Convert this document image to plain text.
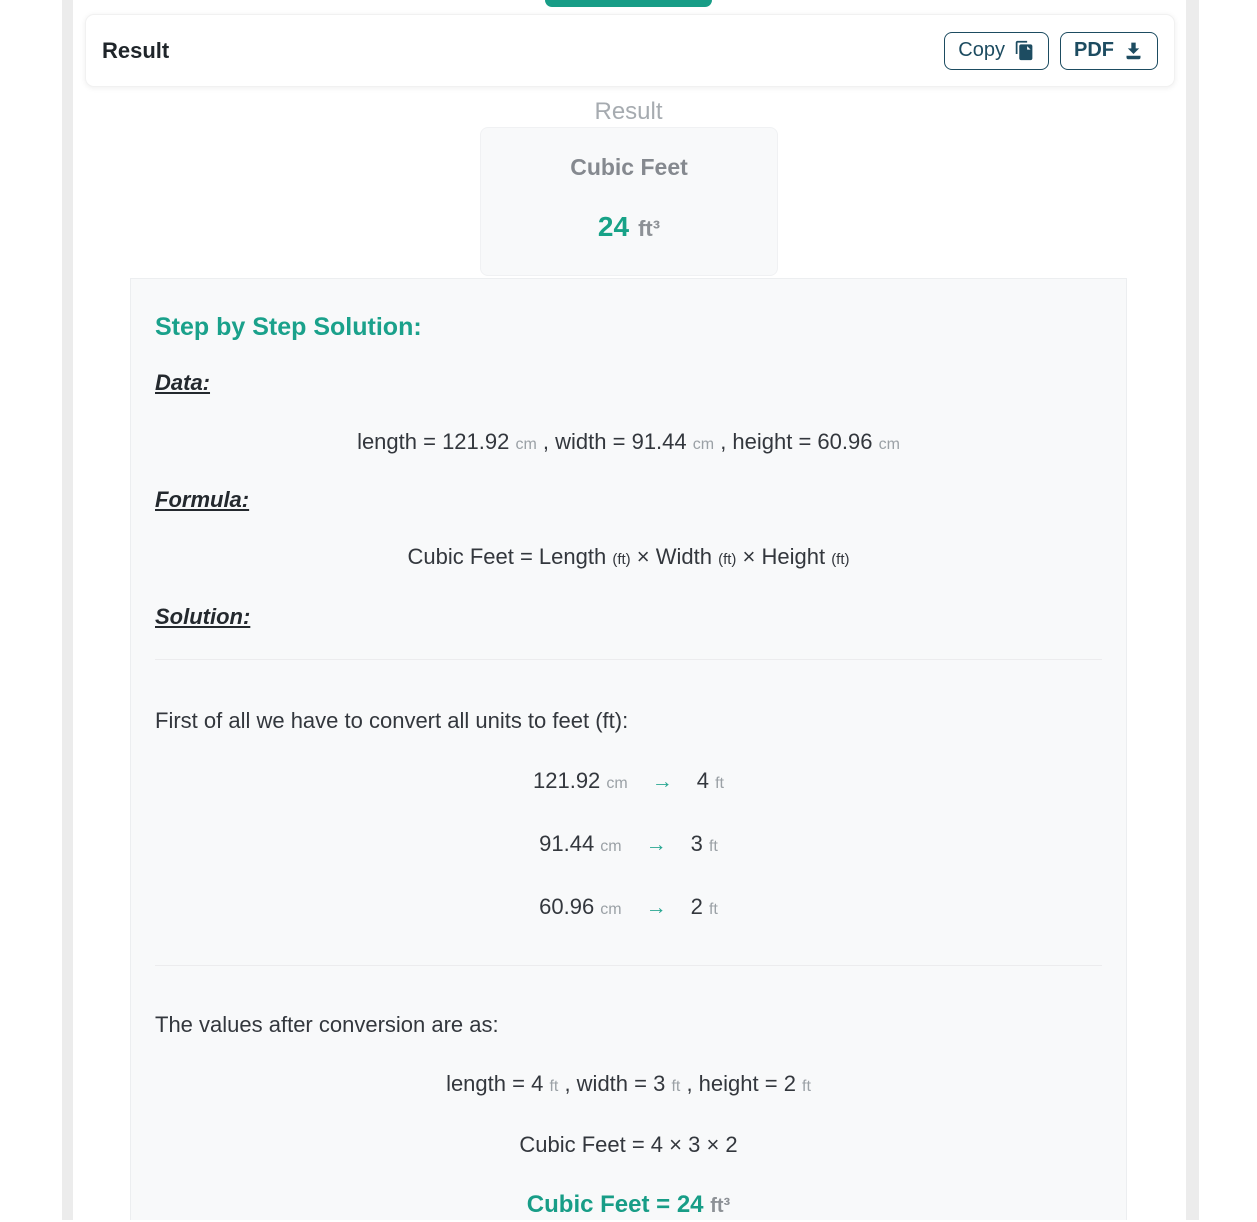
Result	Copy	PDF
Result
Cubic Feet
24 ft³
Step by Step Solution:
Data:
length = 121.92 cm , width = 91.44 cm , height = 60.96 cm
Formula:
Cubic Feet = Length (ft) × Width (ft) × Height (ft)
Solution:

First of all we have to convert all units to feet (ft):

121.92 cm → 4 ft
91.44 cm → 3 ft
60.96 cm → 2 ft

The values after conversion are as:

length = 4 ft , width = 3 ft , height = 2 ft
Cubic Feet = 4 × 3 × 2
Cubic Feet = 24 ft³
